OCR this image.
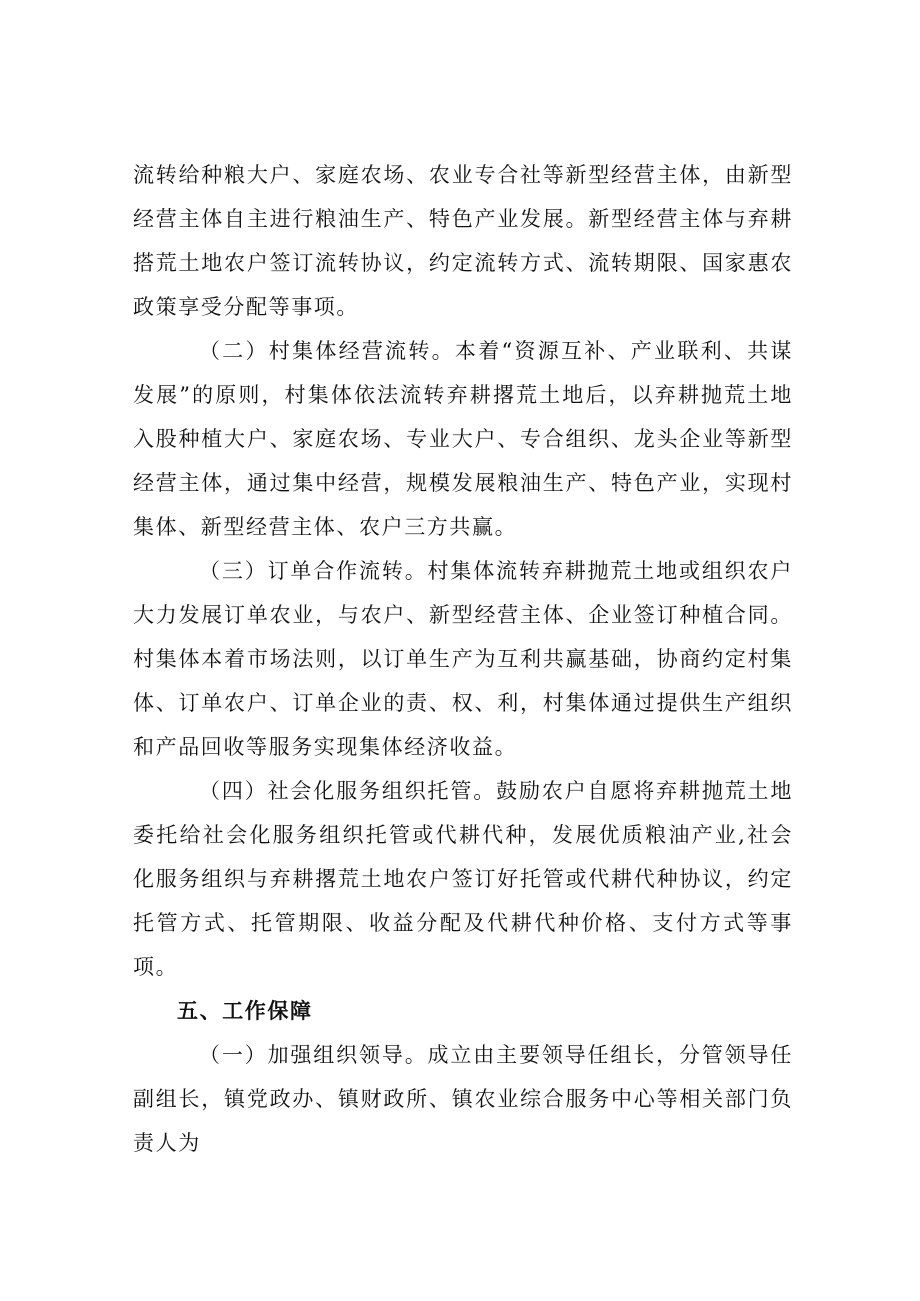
流转给种粮大户、家庭农场、农业专合社等新型经营主体，由新型经营主体自主进行粮油生产、特色产业发展。新型经营主体与弃耕搭荒土地农户签订流转协议，约定流转方式、流转期限、国家惠农政策享受分配等事项。

（二）村集体经营流转。本着“资源互补、产业联利、共谋发展”的原则，村集体依法流转弃耕撂荒土地后，以弃耕抛荒土地入股种植大户、家庭农场、专业大户、专合组织、龙头企业等新型经营主体，通过集中经营，规模发展粮油生产、特色产业，实现村集体、新型经营主体、农户三方共赢。

（三）订单合作流转。村集体流转弃耕抛荒土地或组织农户大力发展订单农业，与农户、新型经营主体、企业签订种植合同。村集体本着市场法则，以订单生产为互利共赢基础，协商约定村集体、订单农户、订单企业的责、权、利，村集体通过提供生产组织和产品回收等服务实现集体经济收益。

（四）社会化服务组织托管。鼓励农户自愿将弃耕抛荒土地委托给社会化服务组织托管或代耕代种，发展优质粮油产业,社会化服务组织与弃耕撂荒土地农户签订好托管或代耕代种协议，约定托管方式、托管期限、收益分配及代耕代种价格、支付方式等事项。

五、工作保障

（一）加强组织领导。成立由主要领导任组长，分管领导任副组长，镇党政办、镇财政所、镇农业综合服务中心等相关部门负责人为
